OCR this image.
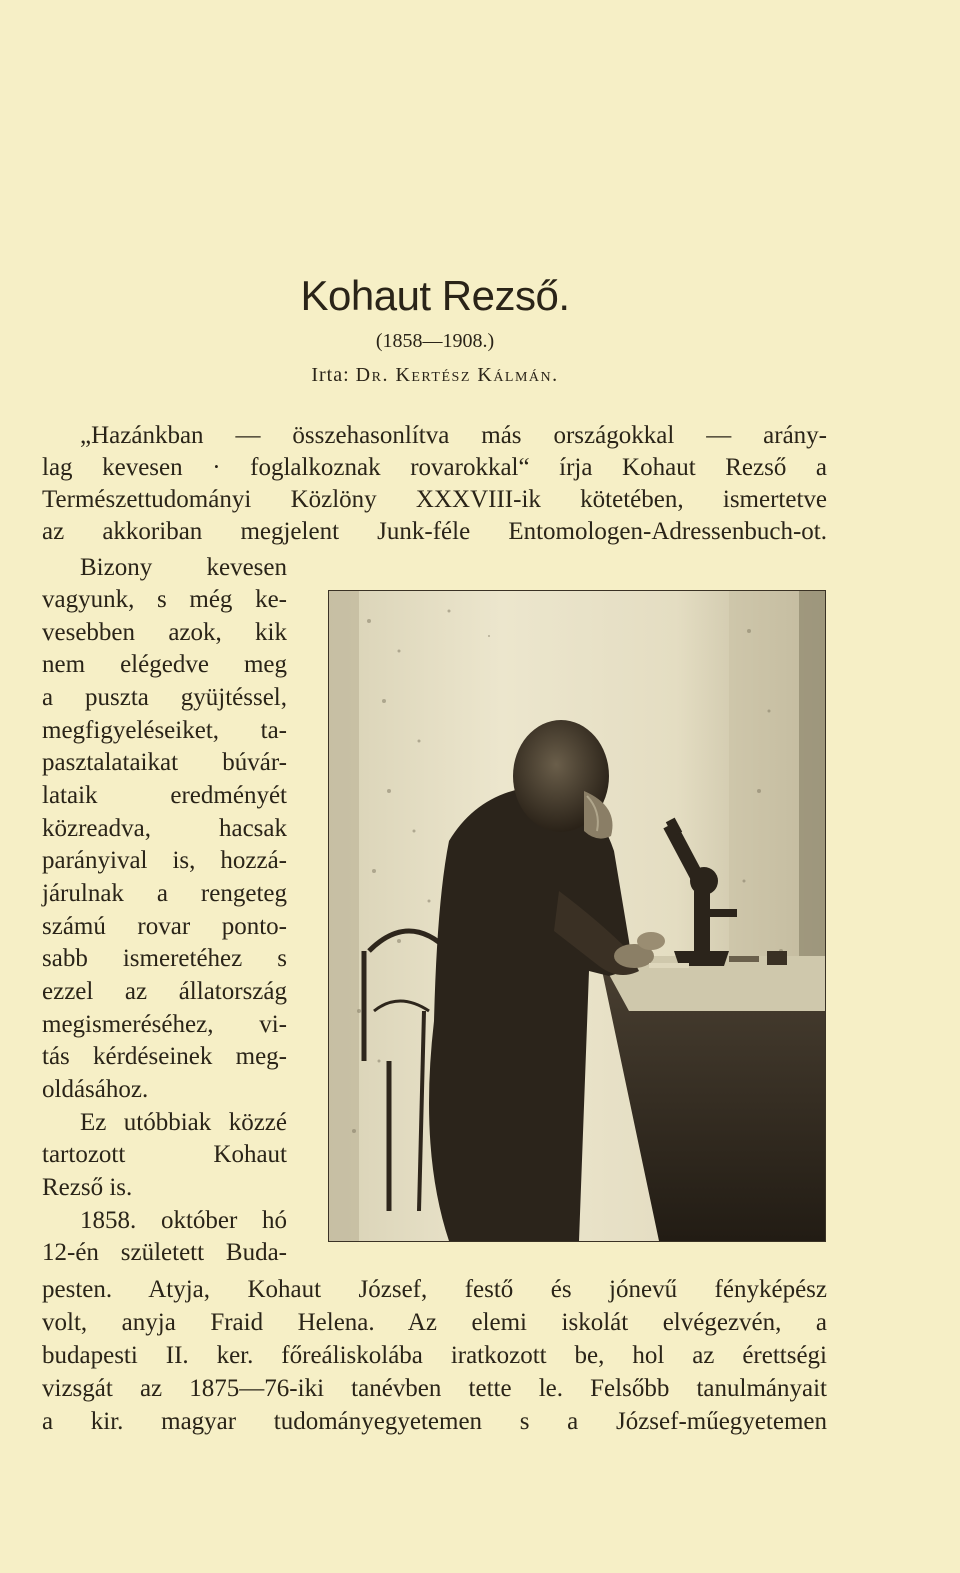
Kohaut Rezső.
(1858—1908.)
Irta: Dr. Kertész Kálmán.
„Hazánkban — összehasonlítva más országokkal — arány-
lag kevesen · foglalkoznak rovarokkal“ írja Kohaut Rezső a
Természettudományi Közlöny XXXVIII-ik kötetében, ismertetve
az akkoriban megjelent Junk-féle Entomologen-Adressenbuch-ot.
Bizony kevesen
vagyunk, s még ke-
vesebben azok, kik
nem elégedve meg
a puszta gyüjtéssel,
megfigyeléseiket, ta-
pasztalataikat búvár-
lataik eredményét
közreadva, hacsak
parányival is, hozzá-
járulnak a rengeteg
számú rovar ponto-
sabb ismeretéhez s
ezzel az állatország
megismeréséhez, vi-
tás kérdéseinek meg-
oldásához.
Ez utóbbiak közzé
tartozott Kohaut
Rezső is.
1858. október hó
12-én született Buda-
pesten. Atyja, Kohaut József, festő és jónevű fényképész
volt, anyja Fraid Helena. Az elemi iskolát elvégezvén, a
budapesti II. ker. főreáliskolába iratkozott be, hol az érettségi
vizsgát az 1875—76-iki tanévben tette le. Felsőbb tanulmányait
a kir. magyar tudományegyetemen s a József-műegyetemen
